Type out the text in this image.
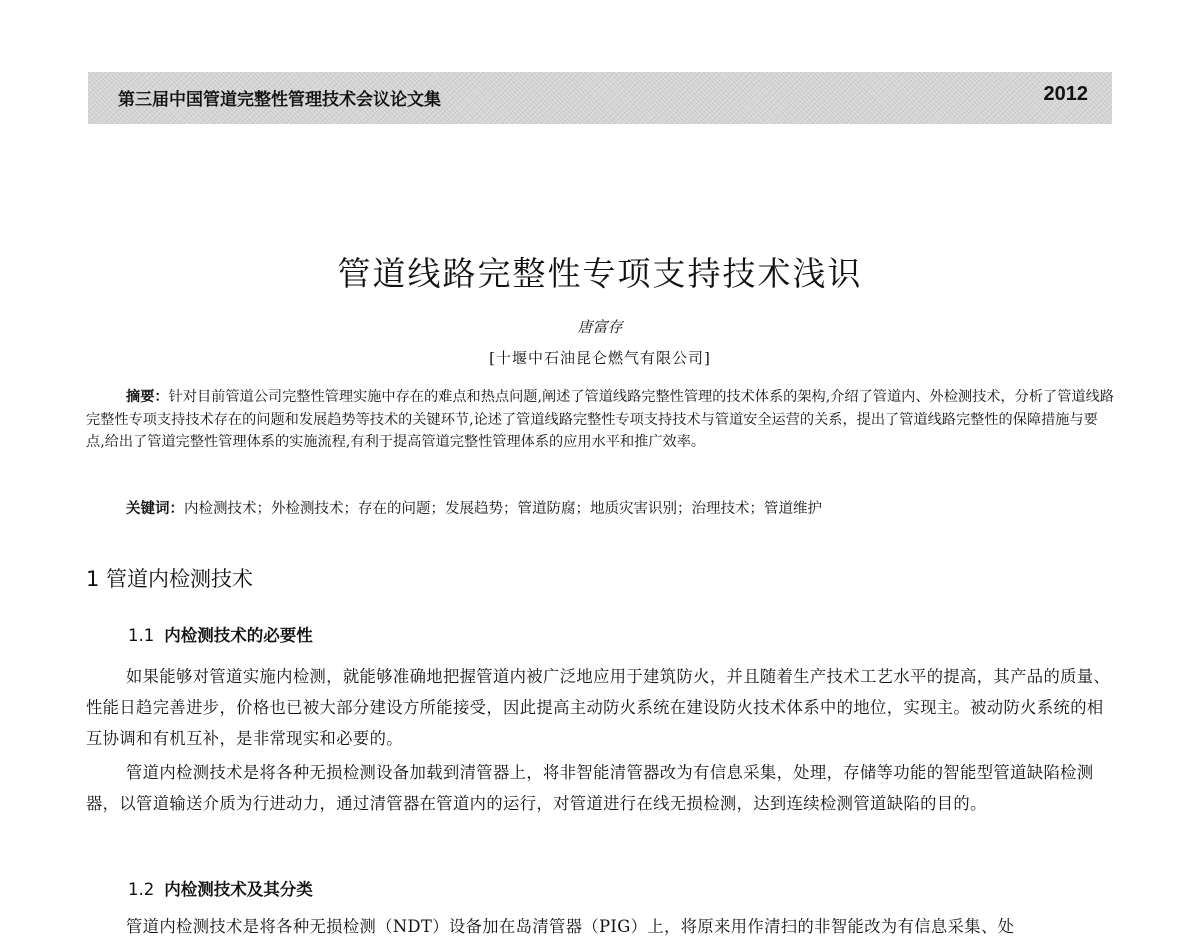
第三届中国管道完整性管理技术会议论文集	2012
管道线路完整性专项支持技术浅识
唐富存
[十堰中石油昆仑燃气有限公司]

摘要：针对目前管道公司完整性管理实施中存在的难点和热点问题,阐述了管道线路完整性管理的技术体系的架构,介绍了管道内、外检测技术，分析了管道线路完整性专项支持技术存在的问题和发展趋势等技术的关键环节,论述了管道线路完整性专项支持技术与管道安全运营的关系，提出了管道线路完整性的保障措施与要点,给出了管道完整性管理体系的实施流程,有利于提高管道完整性管理体系的应用水平和推广效率。

关键词：内检测技术；外检测技术；存在的问题；发展趋势；管道防腐；地质灾害识别；治理技术；管道维护

1 管道内检测技术
1.1 内检测技术的必要性

如果能够对管道实施内检测，就能够准确地把握管道内被广泛地应用于建筑防火，并且随着生产技术工艺水平的提高，其产品的质量、性能日趋完善进步，价格也已被大部分建设方所能接受，因此提高主动防火系统在建设防火技术体系中的地位，实现主。被动防火系统的相互协调和有机互补，是非常现实和必要的。

管道内检测技术是将各种无损检测设备加载到清管器上，将非智能清管器改为有信息采集，处理，存储等功能的智能型管道缺陷检测器，以管道输送介质为行进动力，通过清管器在管道内的运行，对管道进行在线无损检测，达到连续检测管道缺陷的目的。

1.2 内检测技术及其分类

管道内检测技术是将各种无损检测（NDT）设备加在岛清管器（PIG）上，将原来用作清扫的非智能改为有信息采集、处
